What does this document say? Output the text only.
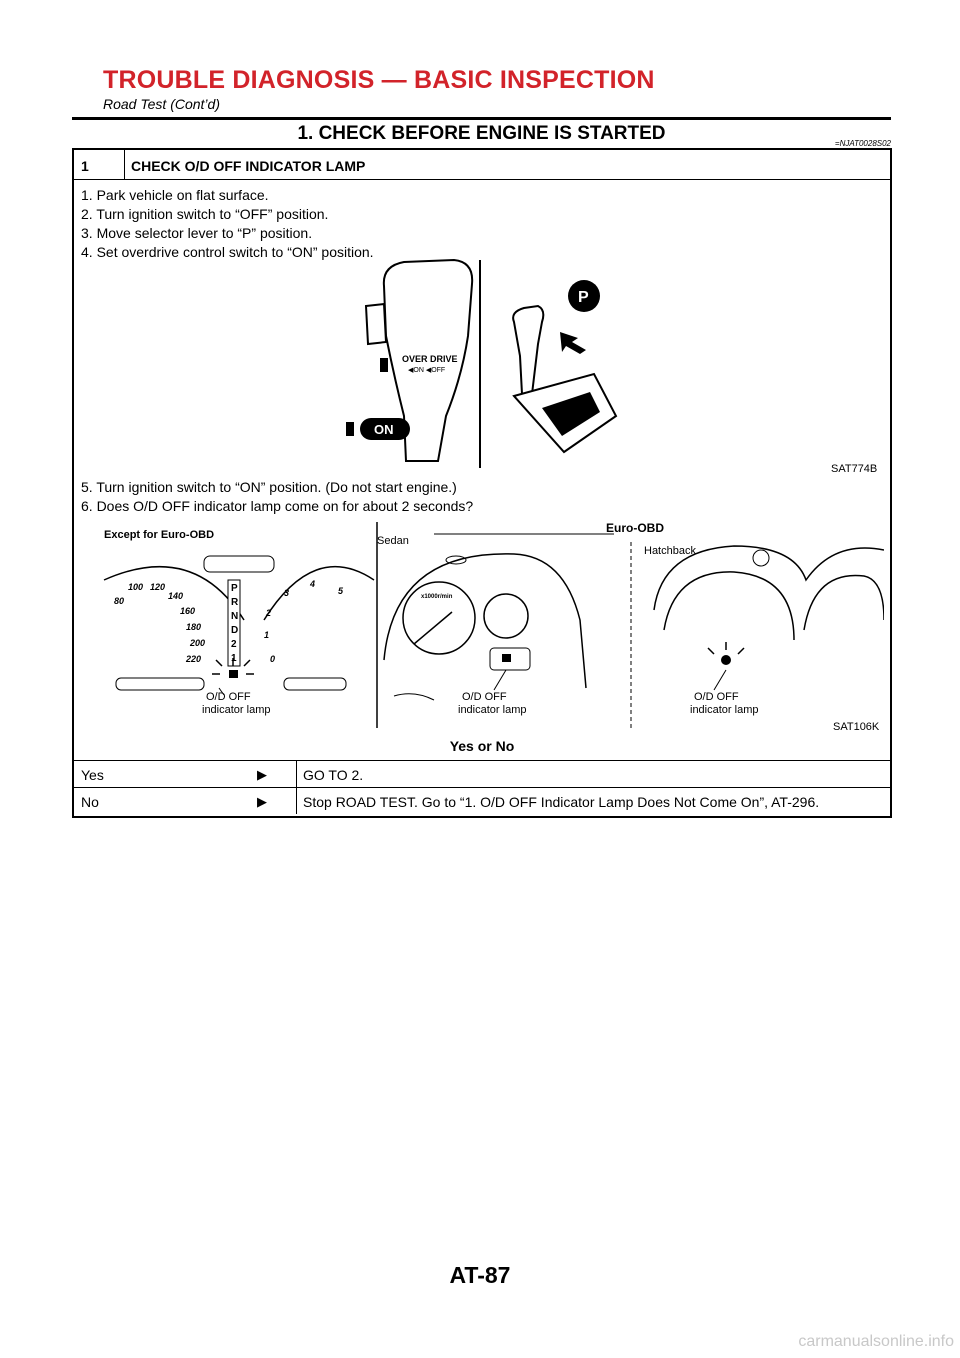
TROUBLE DIAGNOSIS — BASIC INSPECTION
Road Test (Cont’d)
1. CHECK BEFORE ENGINE IS STARTED	=NJAT0028S02
1	CHECK O/D OFF INDICATOR LAMP
1. Park vehicle on flat surface.
2. Turn ignition switch to “OFF” position.
3. Move selector lever to “P” position.
4. Set overdrive control switch to “ON” position.
OVER DRIVE
◀ON ◀OFF
ON
P
SAT774B
5. Turn ignition switch to “ON” position. (Do not start engine.)
6. Does O/D OFF indicator lamp come on for about 2 seconds?
Except for Euro-OBD	Euro-OBD
Sedan
Hatchback
80
100 120
140
160
180
200
220
P
R
N
D
2
1	0
1
2
3
4
5
O/D OFF
indicator lamp
x1000r/min
O/D OFF
indicator lamp
O/D OFF
indicator lamp
SAT106K
Yes or No
Yes	▶	GO TO 2.
No	▶	Stop ROAD TEST. Go to “1. O/D OFF Indicator Lamp Does Not Come On”, AT-296.
AT-87
carmanualsonline.info
